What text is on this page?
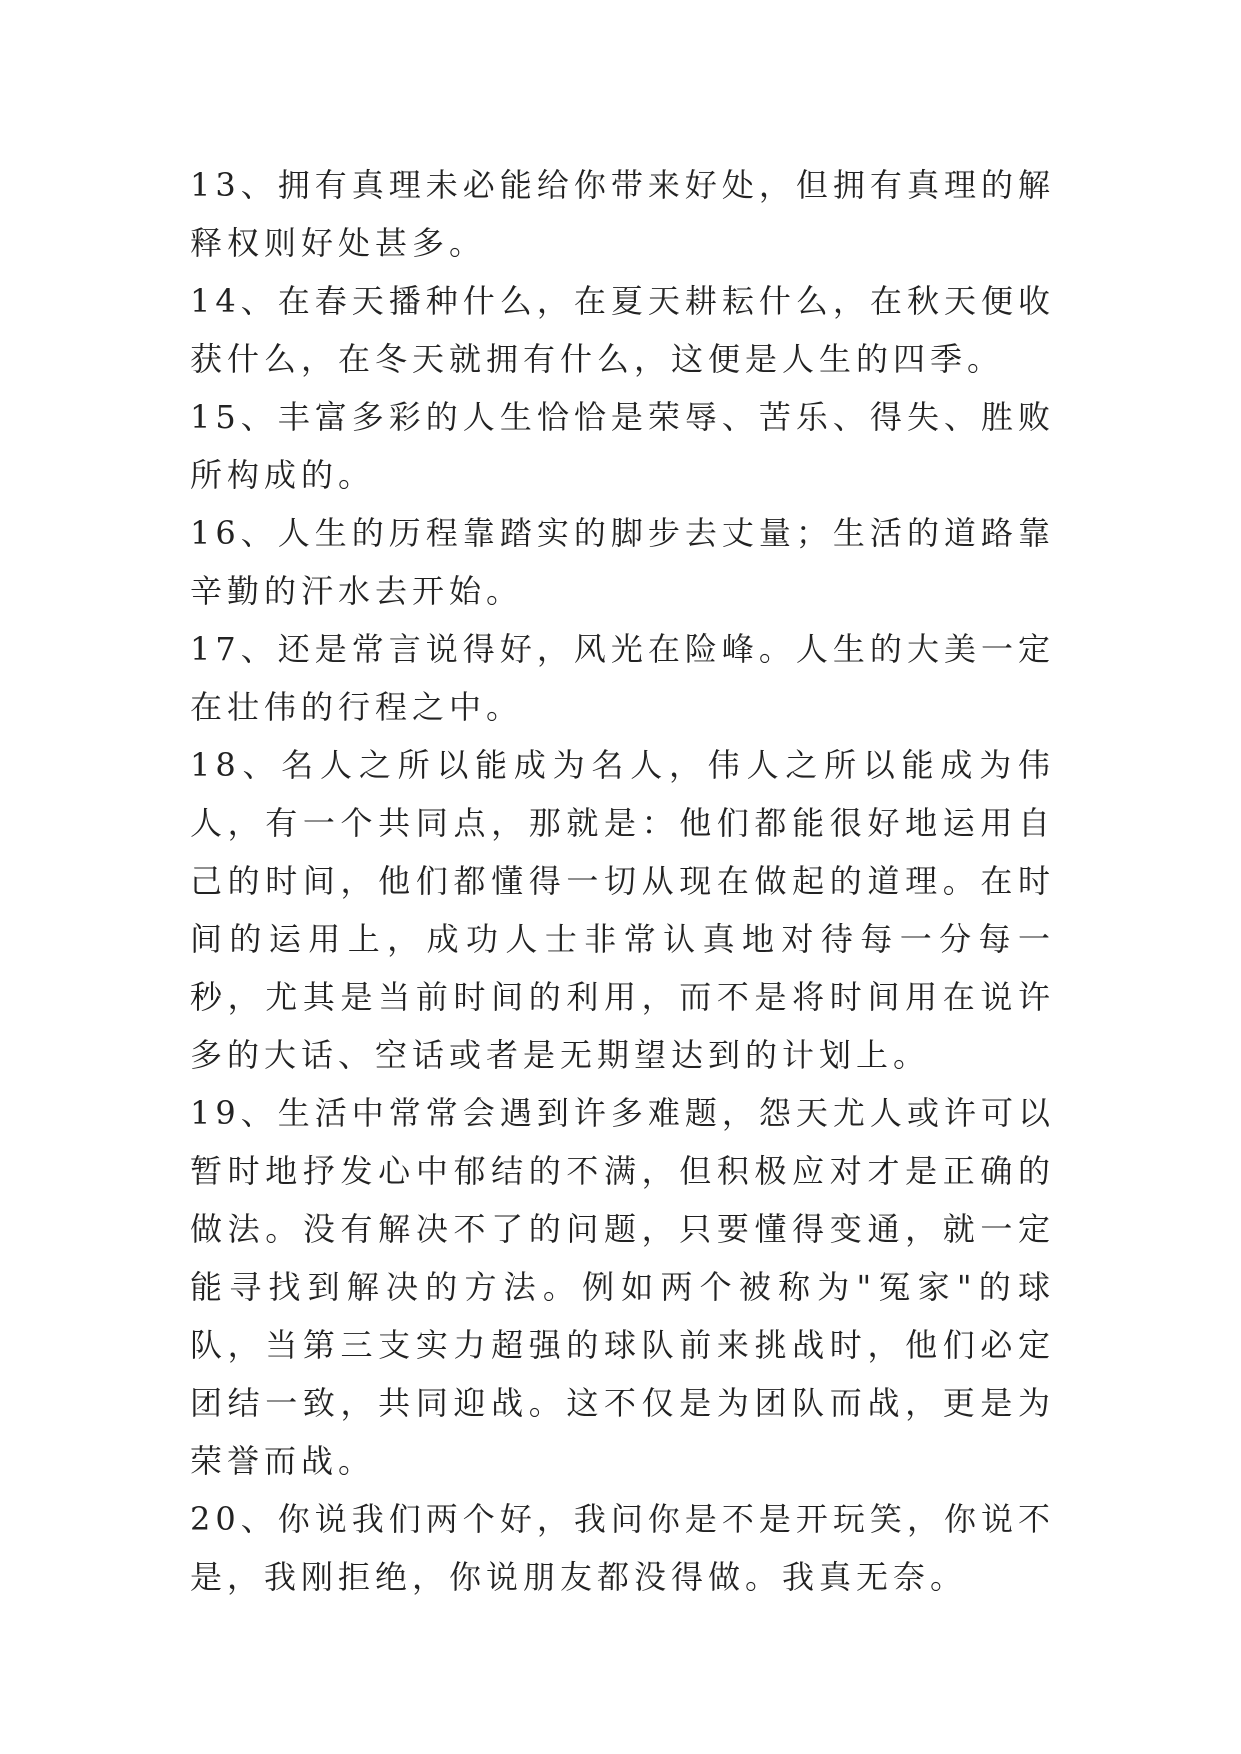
13、拥有真理未必能给你带来好处，但拥有真理的解释权则好处甚多。

14、在春天播种什么，在夏天耕耘什么，在秋天便收获什么，在冬天就拥有什么，这便是人生的四季。

15、丰富多彩的人生恰恰是荣辱、苦乐、得失、胜败所构成的。

16、人生的历程靠踏实的脚步去丈量；生活的道路靠辛勤的汗水去开始。

17、还是常言说得好，风光在险峰。人生的大美一定在壮伟的行程之中。

18、名人之所以能成为名人，伟人之所以能成为伟人，有一个共同点，那就是：他们都能很好地运用自己的时间，他们都懂得一切从现在做起的道理。在时间的运用上，成功人士非常认真地对待每一分每一秒，尤其是当前时间的利用，而不是将时间用在说许多的大话、空话或者是无期望达到的计划上。

19、生活中常常会遇到许多难题，怨天尤人或许可以暂时地抒发心中郁结的不满，但积极应对才是正确的做法。没有解决不了的问题，只要懂得变通，就一定能寻找到解决的方法。例如两个被称为"冤家"的球队，当第三支实力超强的球队前来挑战时，他们必定团结一致，共同迎战。这不仅是为团队而战，更是为荣誉而战。

20、你说我们两个好，我问你是不是开玩笑，你说不是，我刚拒绝，你说朋友都没得做。我真无奈。
